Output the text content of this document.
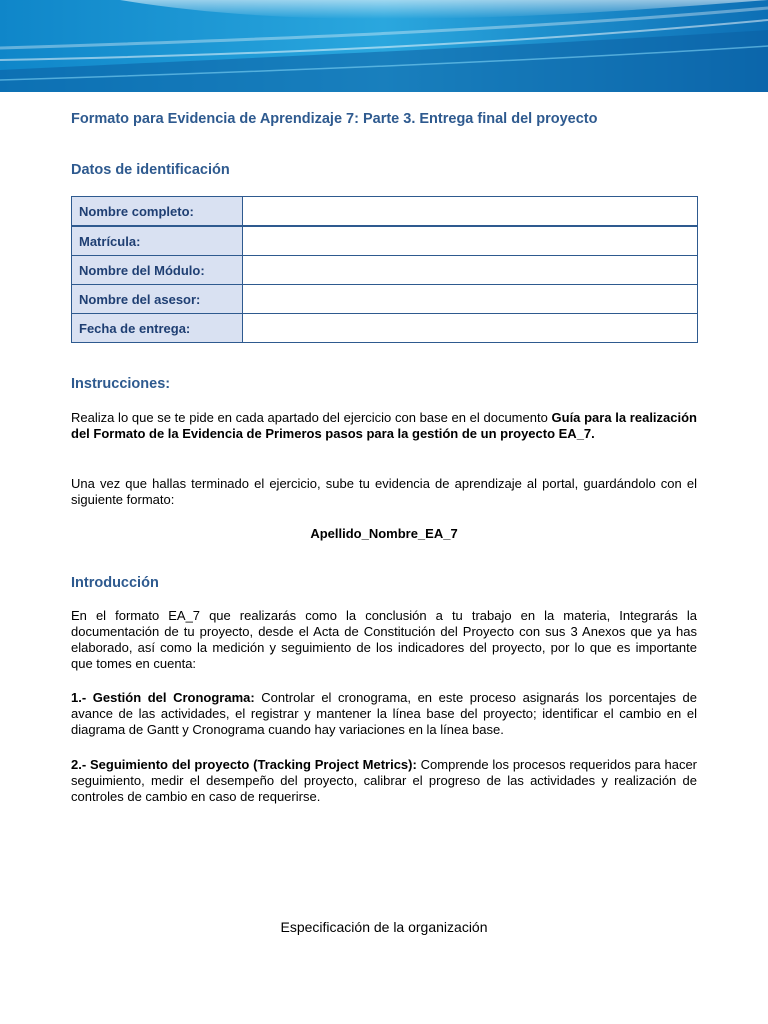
Formato para Evidencia de Aprendizaje 7: Parte 3. Entrega final del proyecto
Datos de identificación
Nombre completo:	
Matrícula:	
Nombre del Módulo:	
Nombre del asesor:	
Fecha de entrega:	
Instrucciones:
Realiza lo que se te pide en cada apartado del ejercicio con base en el documento Guía para la realización del Formato de la Evidencia de Primeros pasos para la gestión de un proyecto EA_7.
Una vez que hallas terminado el ejercicio, sube tu evidencia de aprendizaje al portal, guardándolo con el siguiente formato:
Apellido_Nombre_EA_7
Introducción
En el formato EA_7 que realizarás como la conclusión a tu trabajo en la materia, Integrarás la documentación de tu proyecto, desde el Acta de Constitución del Proyecto con sus 3 Anexos que ya has elaborado, así como la medición y seguimiento de los indicadores del proyecto, por lo que es importante que tomes en cuenta:
1.- Gestión del Cronograma: Controlar el cronograma, en este proceso asignarás los porcentajes de avance de las actividades, el registrar y mantener la línea base del proyecto; identificar el cambio en el diagrama de Gantt y Cronograma cuando hay variaciones en la línea base.
2.- Seguimiento del proyecto (Tracking Project Metrics): Comprende los procesos requeridos para hacer seguimiento, medir el desempeño del proyecto, calibrar el progreso de las actividades y realización de controles de cambio en caso de requerirse.
Especificación de la organización
